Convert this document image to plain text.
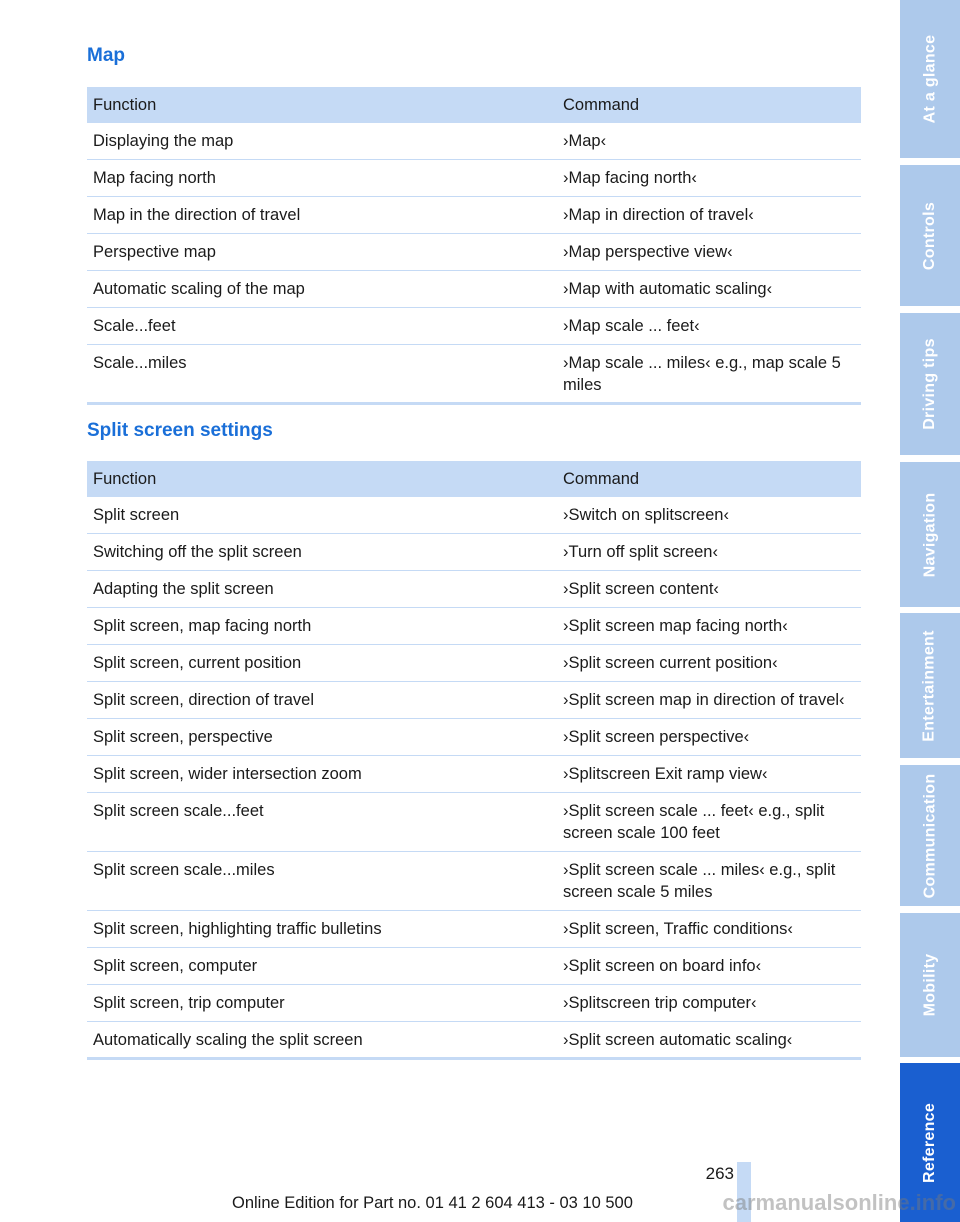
Map
Function	Command
Displaying the map	›Map‹
Map facing north	›Map facing north‹
Map in the direction of travel	›Map in direction of travel‹
Perspective map	›Map perspective view‹
Automatic scaling of the map	›Map with automatic scaling‹
Scale...feet	›Map scale ... feet‹
Scale...miles	›Map scale ... miles‹ e.g., map scale 5 miles
Split screen settings
Function	Command
Split screen	›Switch on splitscreen‹
Switching off the split screen	›Turn off split screen‹
Adapting the split screen	›Split screen content‹
Split screen, map facing north	›Split screen map facing north‹
Split screen, current position	›Split screen current position‹
Split screen, direction of travel	›Split screen map in direction of travel‹
Split screen, perspective	›Split screen perspective‹
Split screen, wider intersection zoom	›Splitscreen Exit ramp view‹
Split screen scale...feet	›Split screen scale ... feet‹ e.g., split screen scale 100 feet
Split screen scale...miles	›Split screen scale ... miles‹ e.g., split screen scale 5 miles
Split screen, highlighting traffic bulletins	›Split screen, Traffic conditions‹
Split screen, computer	›Split screen on board info‹
Split screen, trip computer	›Splitscreen trip computer‹
Automatically scaling the split screen	›Split screen automatic scaling‹
At a glance
Controls
Driving tips
Navigation
Entertainment
Communication
Mobility
Reference
263
Online Edition for Part no. 01 41 2 604 413 - 03 10 500	carmanualsonline.info
